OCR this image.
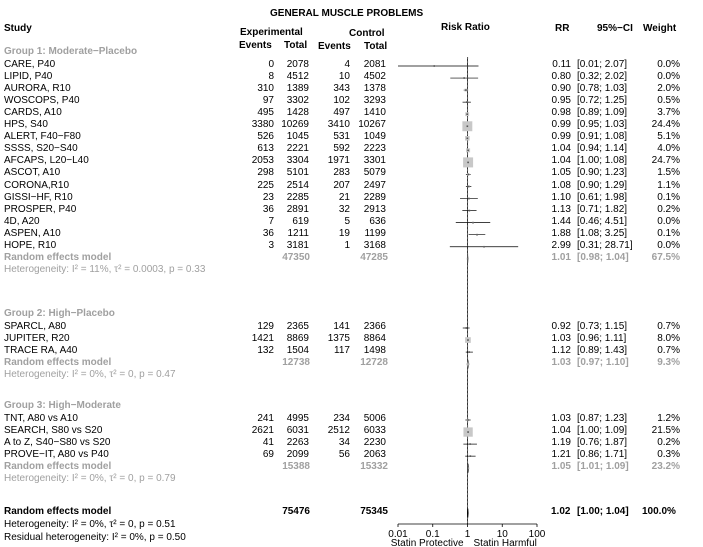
GENERAL MUSCLE PROBLEMS
Study	Experimental	Control
Events Total Events Total
Risk Ratio	RR	95%−CI Weight
Group 1: Moderate−Placebo
CARE, P40	0	2078	4	2081	0.11 [0.01; 2.07]	0.0%
LIPID, P40	8	4512	10	4502	0.80 [0.32; 2.02]	0.0%
AURORA, R10	310	1389	343	1378	0.90 [0.78; 1.03]	2.0%
WOSCOPS, P40	97	3302	102	3293	0.95 [0.72; 1.25]	0.5%
CARDS, A10	495	1428	497	1410	0.98 [0.89; 1.09]	3.7%
HPS, S40	3380 10269	3410 10267	0.99 [0.95; 1.03]	24.4%
ALERT, F40−F80	526	1045	531	1049	0.99 [0.91; 1.08]	5.1%
SSSS, S20−S40	613	2221	592	2223	1.04 [0.94; 1.14]	4.0%
AFCAPS, L20−L40	2053	3304	1971	3301	1.04 [1.00; 1.08]	24.7%
ASCOT, A10	298	5101	283	5079	1.05 [0.90; 1.23]	1.5%
CORONA,R10	225	2514	207	2497	1.08 [0.90; 1.29]	1.1%
GISSI−HF, R10	23	2285	21	2289	1.10 [0.61; 1.98]	0.1%
PROSPER, P40	36	2891	32	2913	1.13 [0.71; 1.82]	0.2%
4D, A20	7	619	5	636	1.44 [0.46; 4.51]	0.0%
ASPEN, A10	36	1211	19	1199	1.88 [1.08; 3.25]	0.1%
HOPE, R10	3	3181	1	3168	2.99 [0.31; 28.71]	0.0%
Random effects model	47350	47285	1.01 [0.98; 1.04]	67.5%
Heterogeneity: I² = 11%, τ² = 0.0003, p = 0.33
Group 2: High−Placebo
SPARCL, A80	129	2365	141	2366	0.92 [0.73; 1.15]	0.7%
JUPITER, R20	1421	8869	1375	8864	1.03 [0.96; 1.11]	8.0%
TRACE RA, A40	132	1504	117	1498	1.12 [0.89; 1.43]	0.7%
Random effects model	12738	12728	1.03 [0.97; 1.10]	9.3%
Heterogeneity: I² = 0%, τ² = 0, p = 0.47
Group 3: High−Moderate
TNT, A80 vs A10	241	4995	234	5006	1.03 [0.87; 1.23]	1.2%
SEARCH, S80 vs S20	2621	6031	2512	6033	1.04 [1.00; 1.09]	21.5%
A to Z, S40−S80 vs S20	41	2263	34	2230	1.19 [0.76; 1.87]	0.2%
PROVE−IT, A80 vs P40	69	2099	56	2063	1.21 [0.86; 1.71]	0.3%
Random effects model	15388	15332	1.05 [1.01; 1.09]	23.2%
Heterogeneity: I² = 0%, τ² = 0, p = 0.79
Random effects model	75476	75345	1.02 [1.00; 1.04] 100.0%
Heterogeneity: I² = 0%, τ² = 0, p = 0.51
Residual heterogeneity: I² = 0%, p = 0.50	0.01 0.1	1	10 100
Statin Protective Statin Harmful
